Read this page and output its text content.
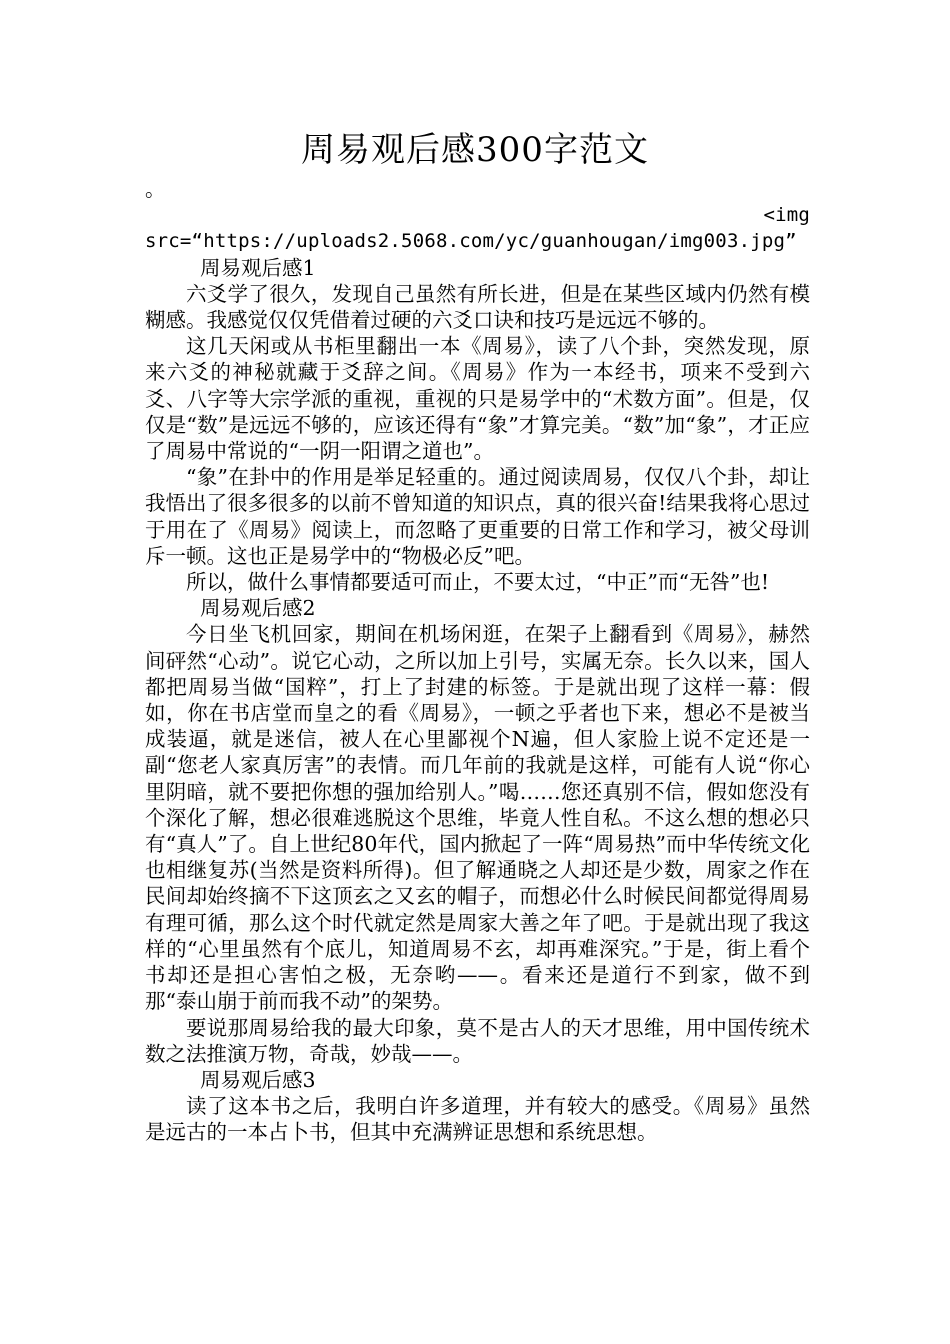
周易观后感300字范文

。

<img

src=“https://uploads2.5068.com/yc/guanhougan/img003.jpg”

周易观后感1

六爻学了很久，发现自己虽然有所长进，但是在某些区域内仍然有模糊感。我感觉仅仅凭借着过硬的六爻口诀和技巧是远远不够的。

这几天闲或从书柜里翻出一本《周易》，读了八个卦，突然发现，原来六爻的神秘就藏于爻辞之间。《周易》作为一本经书，项来不受到六爻、八字等大宗学派的重视，重视的只是易学中的“术数方面”。但是，仅仅是“数”是远远不够的，应该还得有“象”才算完美。“数”加“象”，才正应了周易中常说的“一阴一阳谓之道也”。

“象”在卦中的作用是举足轻重的。通过阅读周易，仅仅八个卦，却让我悟出了很多很多的以前不曾知道的知识点，真的很兴奋!结果我将心思过于用在了《周易》阅读上，而忽略了更重要的日常工作和学习，被父母训斥一顿。这也正是易学中的“物极必反”吧。

所以，做什么事情都要适可而止，不要太过，“中正”而“无咎”也!

周易观后感2

今日坐飞机回家，期间在机场闲逛，在架子上翻看到《周易》，赫然间砰然“心动”。说它心动，之所以加上引号，实属无奈。长久以来，国人都把周易当做“国粹”，打上了封建的标签。于是就出现了这样一幕：假如，你在书店堂而皇之的看《周易》，一顿之乎者也下来，想必不是被当成装逼，就是迷信，被人在心里鄙视个N遍，但人家脸上说不定还是一副“您老人家真厉害”的表情。而几年前的我就是这样，可能有人说“你心里阴暗，就不要把你想的强加给别人。”喝……您还真别不信，假如您没有个深化了解，想必很难逃脱这个思维，毕竟人性自私。不这么想的想必只有“真人”了。自上世纪80年代，国内掀起了一阵“周易热”而中华传统文化也相继复苏(当然是资料所得)。但了解通晓之人却还是少数，周家之作在民间却始终摘不下这顶玄之又玄的帽子，而想必什么时候民间都觉得周易有理可循，那么这个时代就定然是周家大善之年了吧。于是就出现了我这样的“心里虽然有个底儿，知道周易不玄，却再难深究。”于是，街上看个书却还是担心害怕之极，无奈哟——。看来还是道行不到家，做不到那“泰山崩于前而我不动”的架势。

要说那周易给我的最大印象，莫不是古人的天才思维，用中国传统术数之法推演万物，奇哉，妙哉——。

周易观后感3

读了这本书之后，我明白许多道理，并有较大的感受。《周易》虽然是远古的一本占卜书，但其中充满辨证思想和系统思想。
